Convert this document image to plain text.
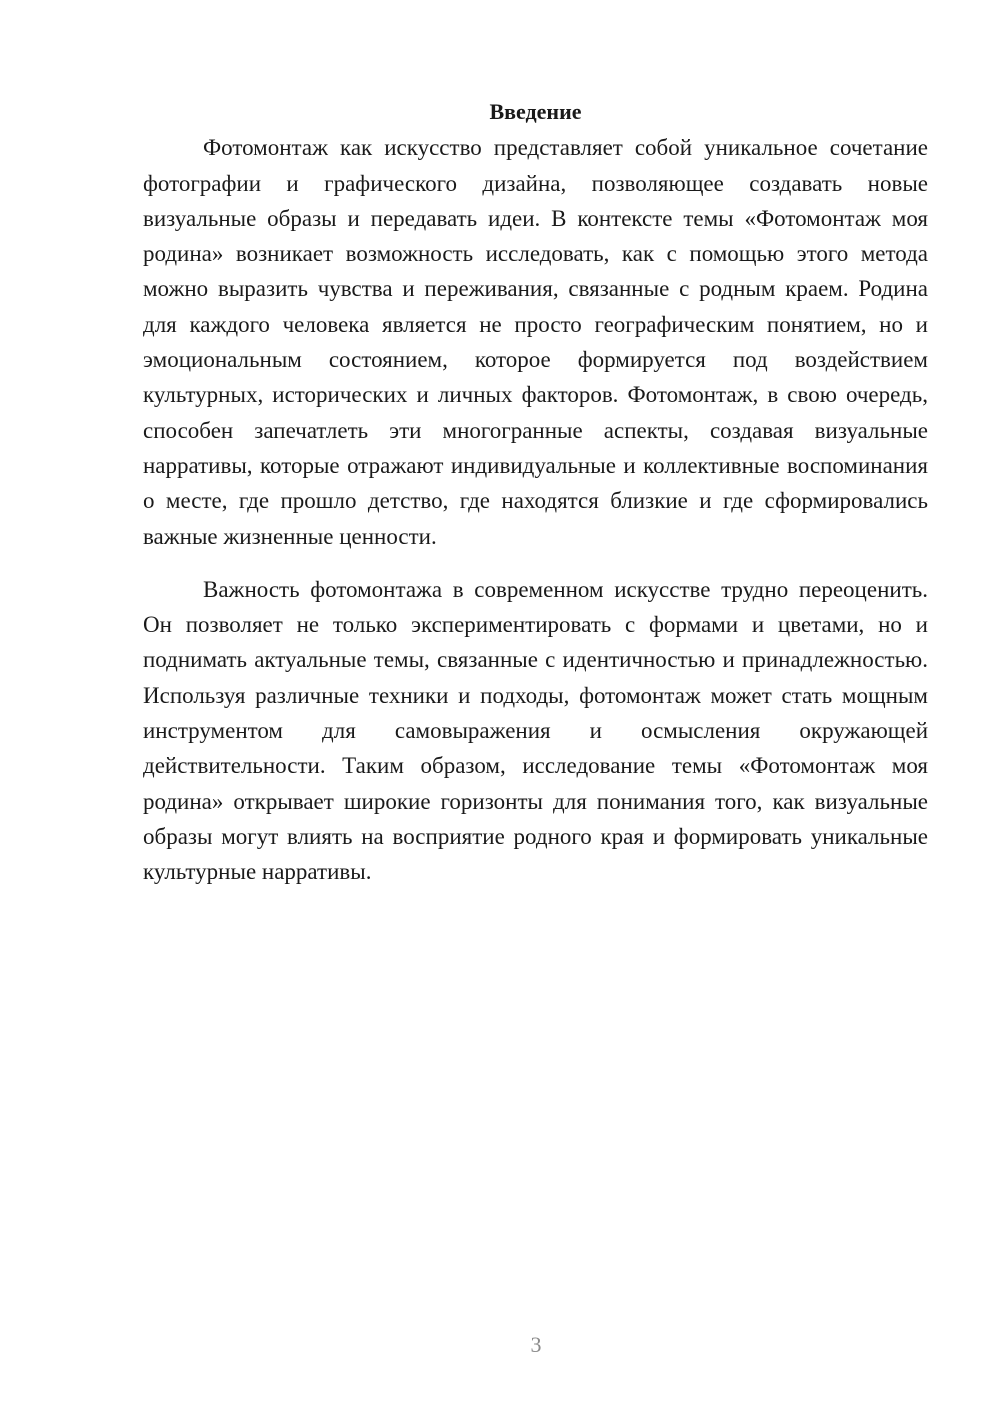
Введение

Фотомонтаж как искусство представляет собой уникальное сочетание фотографии и графического дизайна, позволяющее создавать новые визуальные образы и передавать идеи. В контексте темы «Фотомонтаж моя родина» возникает возможность исследовать, как с помощью этого метода можно выразить чувства и переживания, связанные с родным краем. Родина для каждого человека является не просто географическим понятием, но и эмоциональным состоянием, которое формируется под воздействием культурных, исторических и личных факторов. Фотомонтаж, в свою очередь, способен запечатлеть эти многогранные аспекты, создавая визуальные нарративы, которые отражают индивидуальные и коллективные воспоминания о месте, где прошло детство, где находятся близкие и где сформировались важные жизненные ценности.

Важность фотомонтажа в современном искусстве трудно переоценить. Он позволяет не только экспериментировать с формами и цветами, но и поднимать актуальные темы, связанные с идентичностью и принадлежностью. Используя различные техники и подходы, фотомонтаж может стать мощным инструментом для самовыражения и осмысления окружающей действительности. Таким образом, исследование темы «Фотомонтаж моя родина» открывает широкие горизонты для понимания того, как визуальные образы могут влиять на восприятие родного края и формировать уникальные культурные нарративы.

3
